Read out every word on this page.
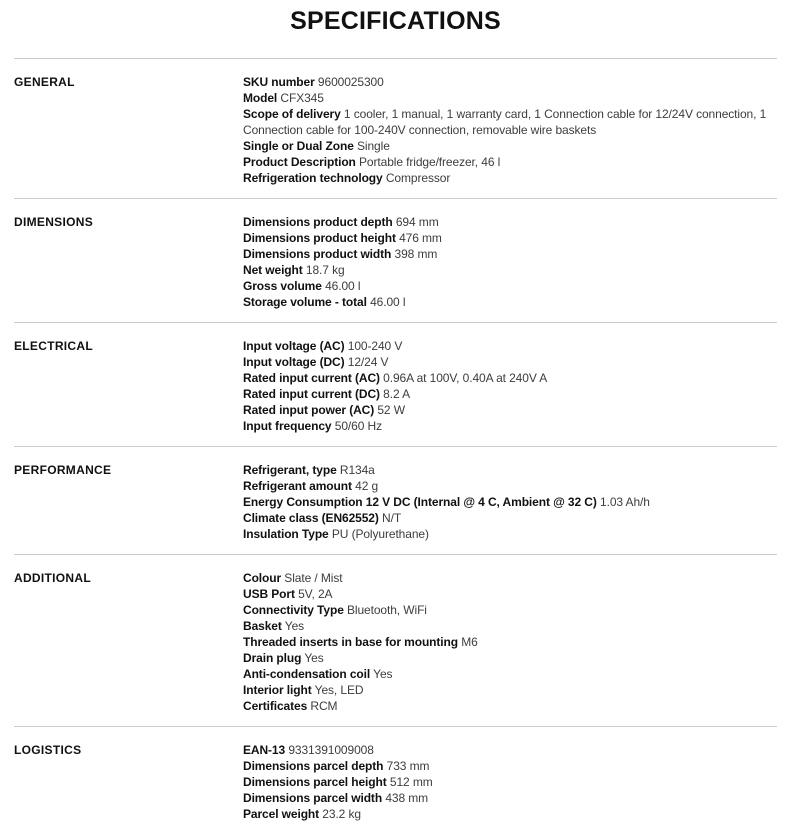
SPECIFICATIONS
GENERAL	SKU number 9600025300
Model CFX345
Scope of delivery 1 cooler, 1 manual, 1 warranty card, 1 Connection cable for 12/24V connection, 1 Connection cable for 100-240V connection, removable wire baskets
Single or Dual Zone Single
Product Description Portable fridge/freezer, 46 l
Refrigeration technology Compressor
DIMENSIONS	Dimensions product depth 694 mm
Dimensions product height 476 mm
Dimensions product width 398 mm
Net weight 18.7 kg
Gross volume 46.00 l
Storage volume - total 46.00 l
ELECTRICAL	Input voltage (AC) 100-240 V
Input voltage (DC) 12/24 V
Rated input current (AC) 0.96A at 100V, 0.40A at 240V A
Rated input current (DC) 8.2 A
Rated input power (AC) 52 W
Input frequency 50/60 Hz
PERFORMANCE	Refrigerant, type R134a
Refrigerant amount 42 g
Energy Consumption 12 V DC (Internal @ 4 C, Ambient @ 32 C) 1.03 Ah/h
Climate class (EN62552) N/T
Insulation Type PU (Polyurethane)
ADDITIONAL	Colour Slate / Mist
USB Port 5V, 2A
Connectivity Type Bluetooth, WiFi
Basket Yes
Threaded inserts in base for mounting M6
Drain plug Yes
Anti-condensation coil Yes
Interior light Yes, LED
Certificates RCM
LOGISTICS	EAN-13 9331391009008
Dimensions parcel depth 733 mm
Dimensions parcel height 512 mm
Dimensions parcel width 438 mm
Parcel weight 23.2 kg
